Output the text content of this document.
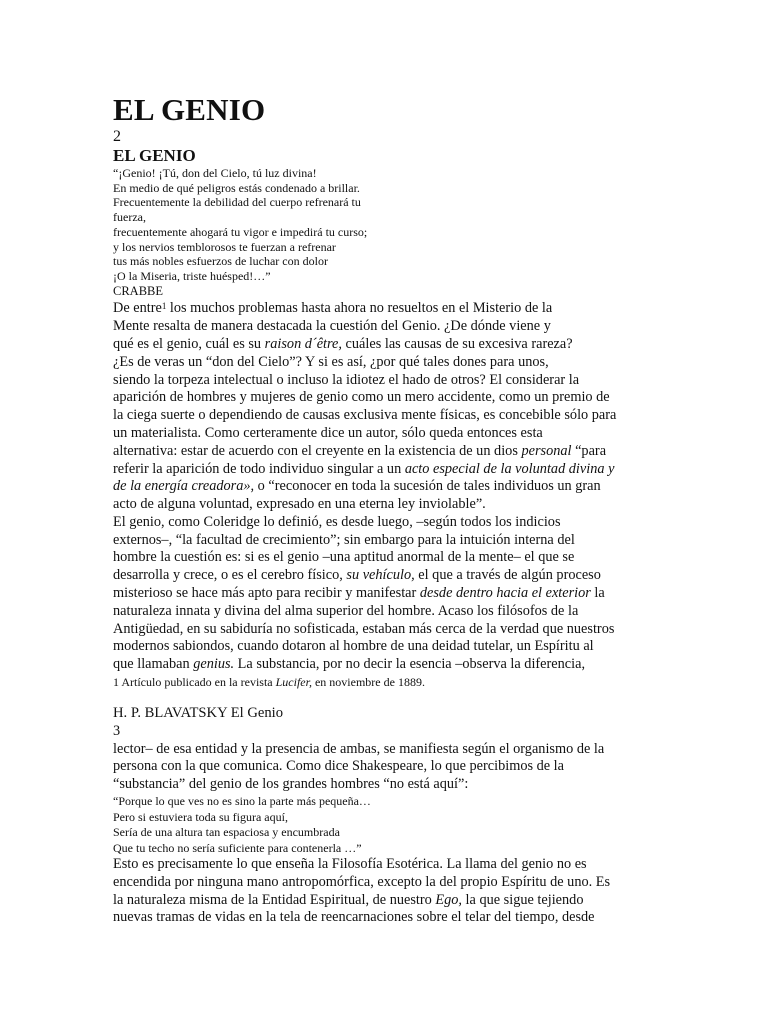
EL GENIO
2
EL GENIO
“¡Genio! ¡Tú, don del Cielo, tú luz divina!
En medio de qué peligros estás condenado a brillar.
Frecuentemente la debilidad del cuerpo refrenará tu
fuerza,
frecuentemente ahogará tu vigor e impedirá tu curso;
y los nervios temblorosos te fuerzan a refrenar
tus más nobles esfuerzos de luchar con dolor
¡O la Miseria, triste huésped!…”
CRABBE
De entre$^1$ los muchos problemas hasta ahora no resueltos en el Misterio de la
Mente resalta de manera destacada la cuestión del Genio. ¿De dónde viene y
qué es el genio, cuál es su raison d´être, cuáles las causas de su excesiva rareza?
¿Es de veras un “don del Cielo”? Y si es así, ¿por qué tales dones para unos,
siendo la torpeza intelectual o incluso la idiotez el hado de otros? El considerar la
aparición de hombres y mujeres de genio como un mero accidente, como un premio de
la ciega suerte o dependiendo de causas exclusiva mente físicas, es concebible sólo para
un materialista. Como certeramente dice un autor, sólo queda entonces esta
alternativa: estar de acuerdo con el creyente en la existencia de un dios personal “para
referir la aparición de todo individuo singular a un acto especial de la voluntad divina y
de la energía creadora», o “reconocer en toda la sucesión de tales individuos un gran
acto de alguna voluntad, expresado en una eterna ley inviolable”.
El genio, como Coleridge lo definió, es desde luego, –según todos los indicios
externos–, “la facultad de crecimiento”; sin embargo para la intuición interna del
hombre la cuestión es: si es el genio –una aptitud anormal de la mente– el que se
desarrolla y crece, o es el cerebro físico, su vehículo, el que a través de algún proceso
misterioso se hace más apto para recibir y manifestar desde dentro hacia el exterior la
naturaleza innata y divina del alma superior del hombre. Acaso los filósofos de la
Antigüedad, en su sabiduría no sofisticada, estaban más cerca de la verdad que nuestros
modernos sabiondos, cuando dotaron al hombre de una deidad tutelar, un Espíritu al
que llamaban genius. La substancia, por no decir la esencia –observa la diferencia,
1 Artículo publicado en la revista Lucifer, en noviembre de 1889.
H. P. BLAVATSKY El Genio
3
lector– de esa entidad y la presencia de ambas, se manifiesta según el organismo de la
persona con la que comunica. Como dice Shakespeare, lo que percibimos de la
“substancia” del genio de los grandes hombres “no está aquí”:
“Porque lo que ves no es sino la parte más pequeña…
Pero si estuviera toda su figura aquí,
Sería de una altura tan espaciosa y encumbrada
Que tu techo no sería suficiente para contenerla …”
Esto es precisamente lo que enseña la Filosofía Esotérica. La llama del genio no es
encendida por ninguna mano antropomórfica, excepto la del propio Espíritu de uno. Es
la naturaleza misma de la Entidad Espiritual, de nuestro Ego, la que sigue tejiendo
nuevas tramas de vidas en la tela de reencarnaciones sobre el telar del tiempo, desde
